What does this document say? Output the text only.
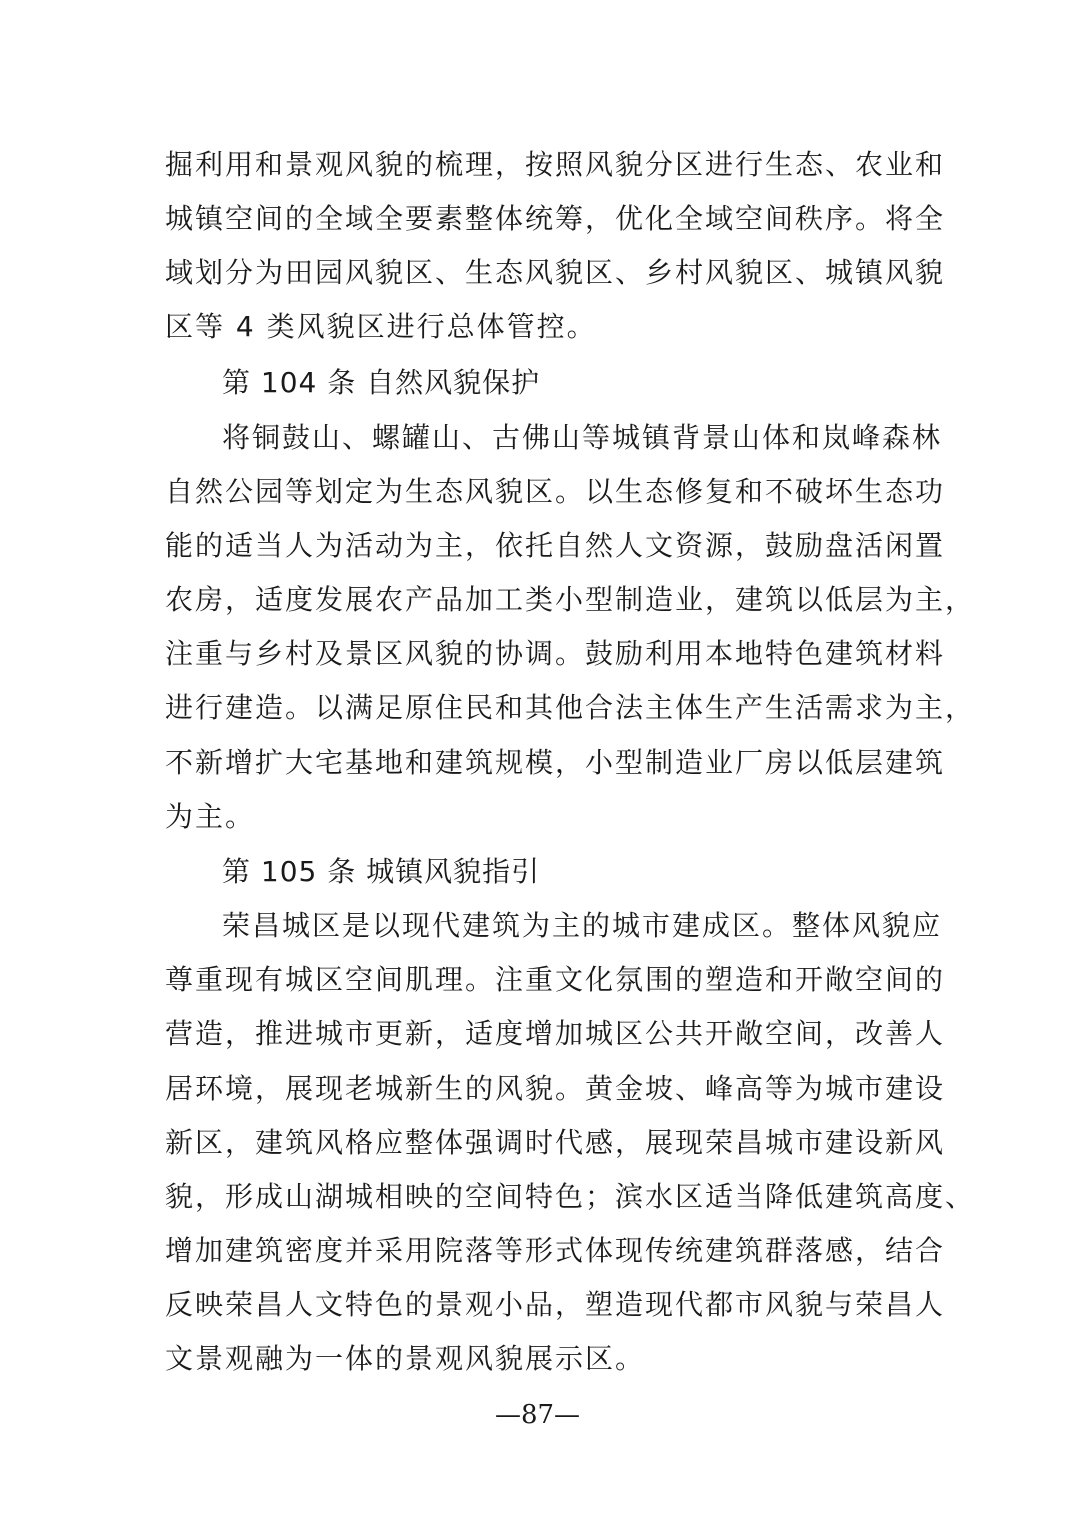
掘利用和景观风貌的梳理，按照风貌分区进行生态、农业和
城镇空间的全域全要素整体统筹，优化全域空间秩序。将全
域划分为田园风貌区、生态风貌区、乡村风貌区、城镇风貌
区等 4 类风貌区进行总体管控。
第 104 条 自然风貌保护
将铜鼓山、螺罐山、古佛山等城镇背景山体和岚峰森林
自然公园等划定为生态风貌区。以生态修复和不破坏生态功
能的适当人为活动为主，依托自然人文资源，鼓励盘活闲置
农房，适度发展农产品加工类小型制造业，建筑以低层为主，
注重与乡村及景区风貌的协调。鼓励利用本地特色建筑材料
进行建造。以满足原住民和其他合法主体生产生活需求为主，
不新增扩大宅基地和建筑规模，小型制造业厂房以低层建筑
为主。
第 105 条 城镇风貌指引
荣昌城区是以现代建筑为主的城市建成区。整体风貌应
尊重现有城区空间肌理。注重文化氛围的塑造和开敞空间的
营造，推进城市更新，适度增加城区公共开敞空间，改善人
居环境，展现老城新生的风貌。黄金坡、峰高等为城市建设
新区，建筑风格应整体强调时代感，展现荣昌城市建设新风
貌，形成山湖城相映的空间特色；滨水区适当降低建筑高度、
增加建筑密度并采用院落等形式体现传统建筑群落感，结合
反映荣昌人文特色的景观小品，塑造现代都市风貌与荣昌人
文景观融为一体的景观风貌展示区。
—87—
